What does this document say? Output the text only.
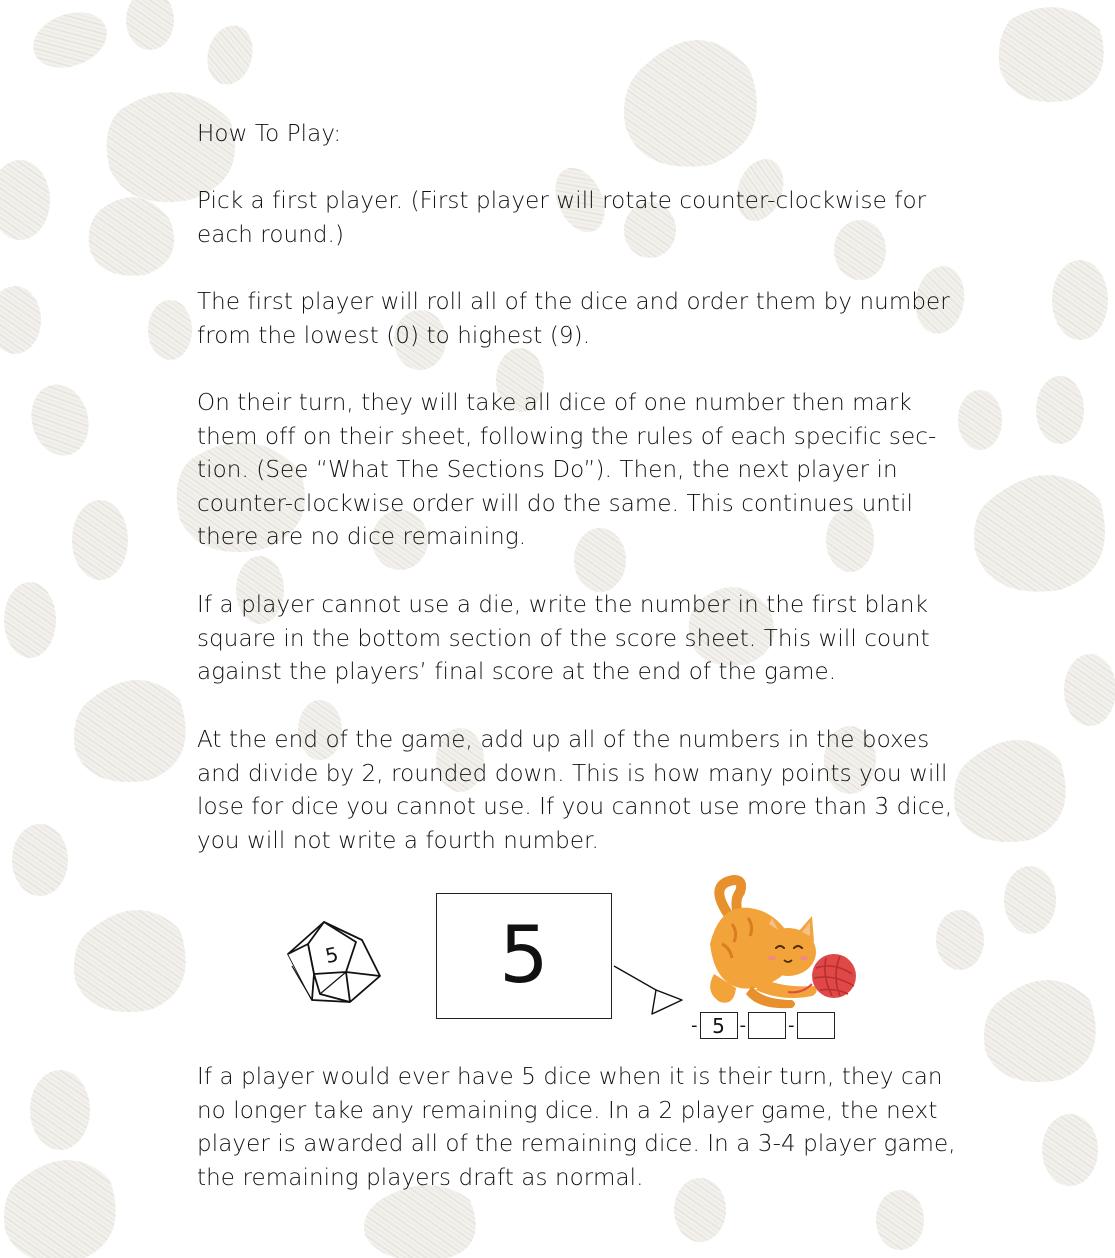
How To Play:

Pick a first player. (First player will rotate counter-clockwise for
each round.)

The first player will roll all of the dice and order them by number
from the lowest (0) to highest (9).

On their turn, they will take all dice of one number then mark
them off on their sheet, following the rules of each specific sec-
tion. (See “What The Sections Do”). Then, the next player in
counter-clockwise order will do the same. This continues until
there are no dice remaining.

If a player cannot use a die, write the number in the first blank
square in the bottom section of the score sheet. This will count
against the players’ final score at the end of the game.

At the end of the game, add up all of the numbers in the boxes
and divide by 2, rounded down. This is how many points you will
lose for dice you cannot use. If you cannot use more than 3 dice,
you will not write a fourth number.

If a player would ever have 5 dice when it is their turn, they can
no longer take any remaining dice. In a 2 player game, the next
player is awarded all of the remaining dice. In a 3-4 player game,
the remaining players draft as normal.

5	5
- 5 - -
